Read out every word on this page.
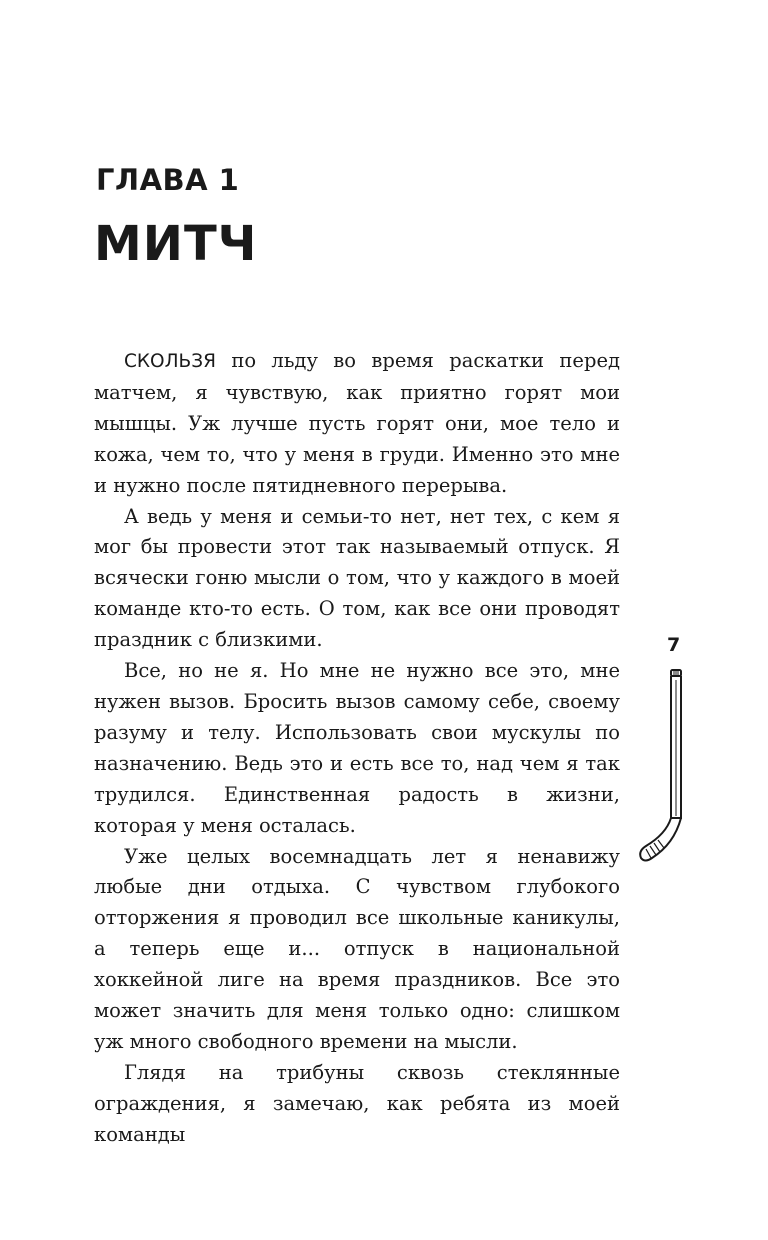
ГЛАВА 1
МИТЧ

СКОЛЬЗЯ по льду во время раскатки перед матчем, я чувствую, как приятно горят мои мышцы. Уж лучше пусть горят они, мое тело и кожа, чем то, что у меня в груди. Именно это мне и нужно после пятидневного перерыва.

А ведь у меня и семьи-то нет, нет тех, с кем я мог бы провести этот так называемый отпуск. Я всячески гоню мысли о том, что у каждого в моей команде кто-то есть. О том, как все они проводят праздник с близкими.

Все, но не я. Но мне не нужно все это, мне нужен вызов. Бросить вызов самому себе, своему разуму и телу. Использовать свои мускулы по назначению. Ведь это и есть все то, над чем я так трудился. Единственная радость в жизни, которая у меня осталась.

Уже целых восемнадцать лет я ненавижу любые дни отдыха. С чувством глубокого отторжения я проводил все школьные каникулы, а теперь еще и... отпуск в национальной хоккейной лиге на время праздников. Все это может значить для меня только одно: слишком уж много свободного времени на мысли.

Глядя на трибуны сквозь стеклянные ограждения, я замечаю, как ребята из моей команды

7
